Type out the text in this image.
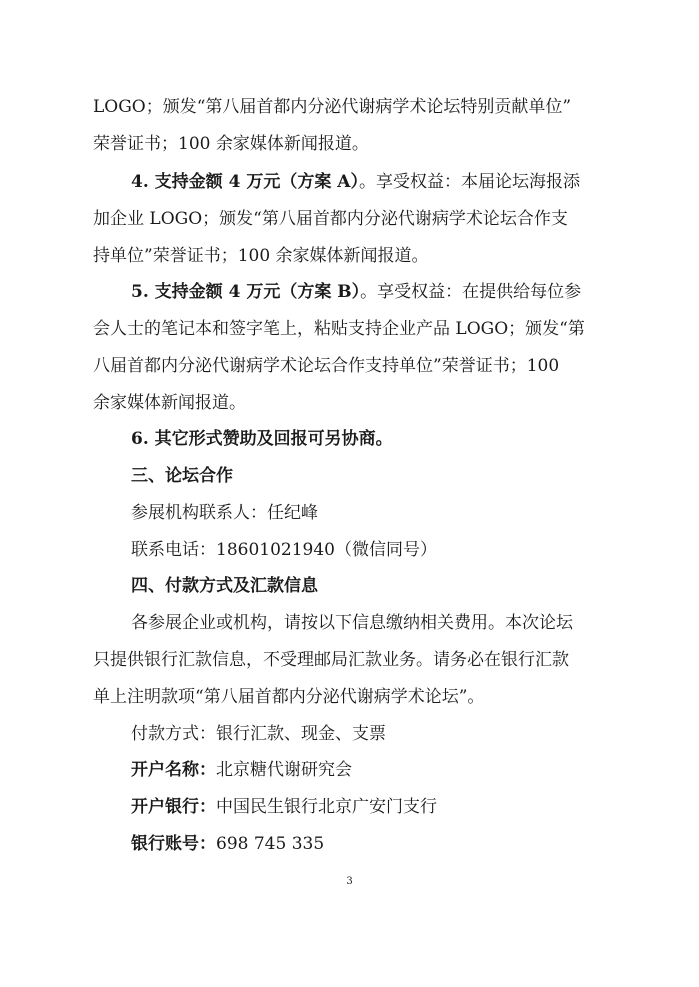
LOGO；颁发“第八届首都内分泌代谢病学术论坛特别贡献单位”
荣誉证书；100 余家媒体新闻报道。
4. 支持金额 4 万元（方案 A）。享受权益：本届论坛海报添
加企业 LOGO；颁发“第八届首都内分泌代谢病学术论坛合作支
持单位”荣誉证书；100 余家媒体新闻报道。
5. 支持金额 4 万元（方案 B）。享受权益：在提供给每位参
会人士的笔记本和签字笔上，粘贴支持企业产品 LOGO；颁发“第
八届首都内分泌代谢病学术论坛合作支持单位”荣誉证书；100
余家媒体新闻报道。
6. 其它形式赞助及回报可另协商。
三、论坛合作
参展机构联系人：任纪峰
联系电话：18601021940（微信同号）
四、付款方式及汇款信息
各参展企业或机构，请按以下信息缴纳相关费用。本次论坛
只提供银行汇款信息，不受理邮局汇款业务。请务必在银行汇款
单上注明款项“第八届首都内分泌代谢病学术论坛”。
付款方式：银行汇款、现金、支票
开户名称：北京糖代谢研究会
开户银行：中国民生银行北京广安门支行
银行账号：698 745 335
3
